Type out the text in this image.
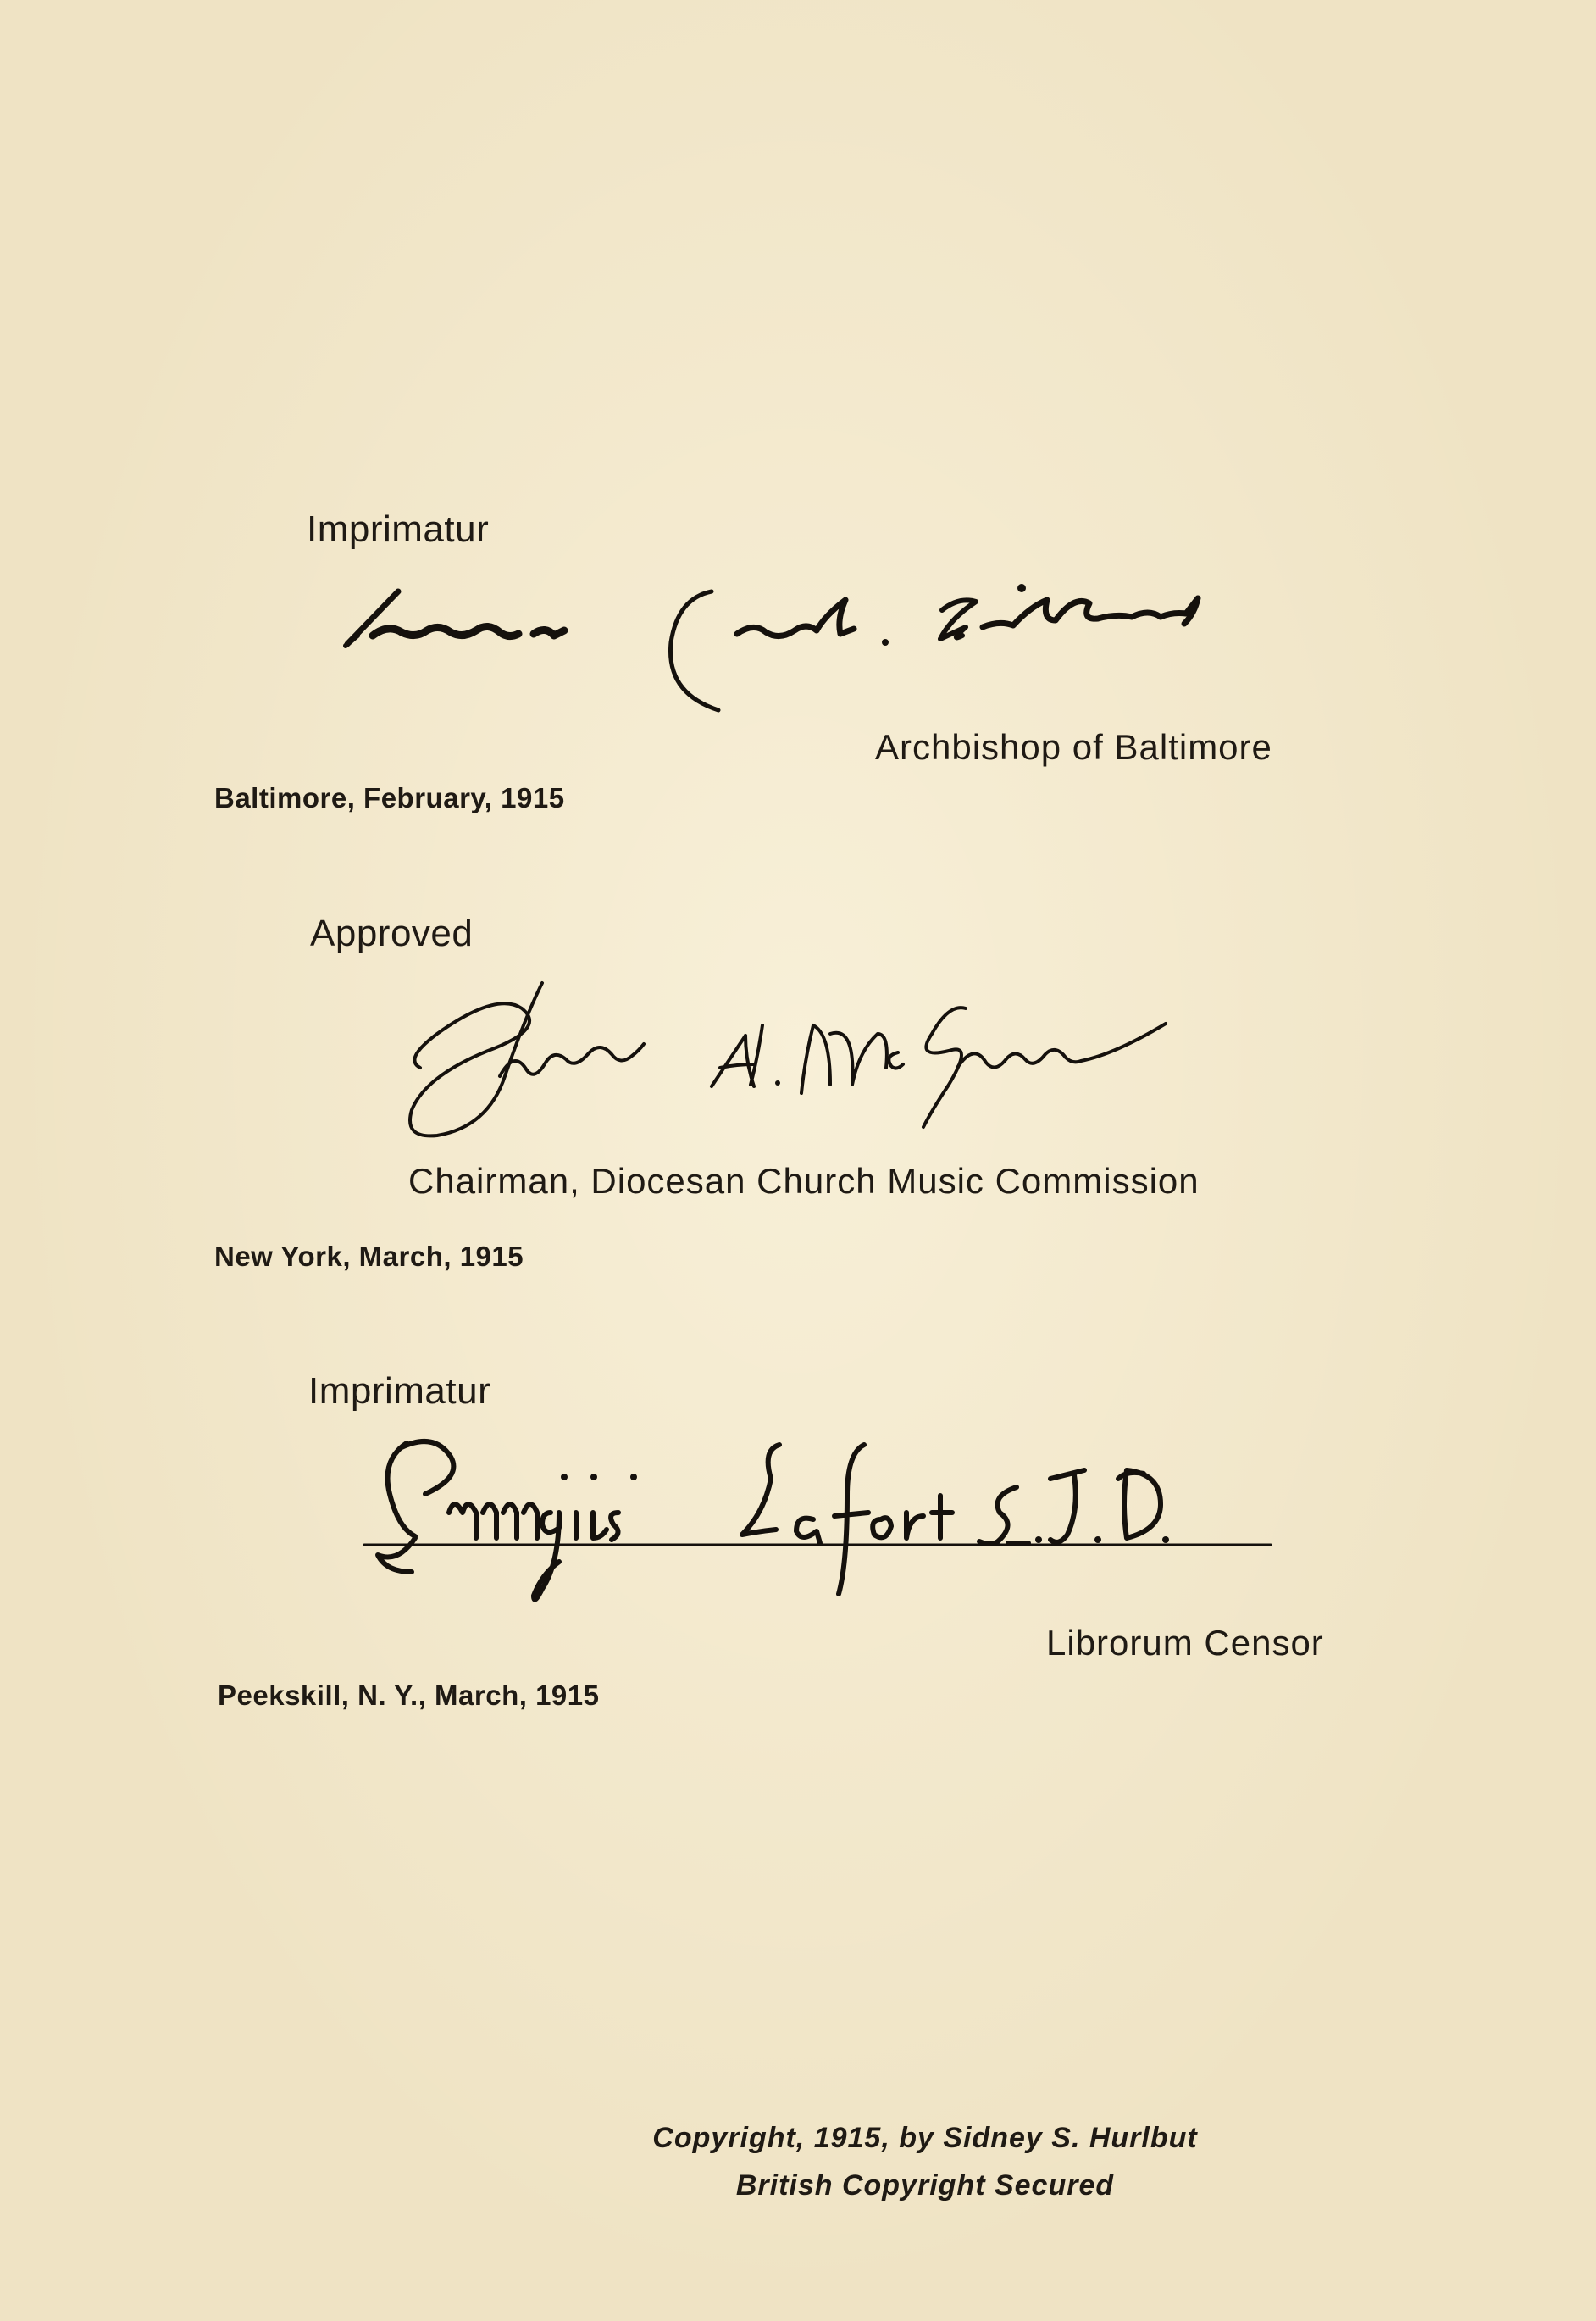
Imprimatur
Archbishop of Baltimore
Baltimore, February, 1915
Approved
Chairman, Diocesan Church Music Commission
New York, March, 1915
Imprimatur
Librorum Censor
Peekskill, N. Y., March, 1915
Copyright, 1915, by Sidney S. Hurlbut
British Copyright Secured
